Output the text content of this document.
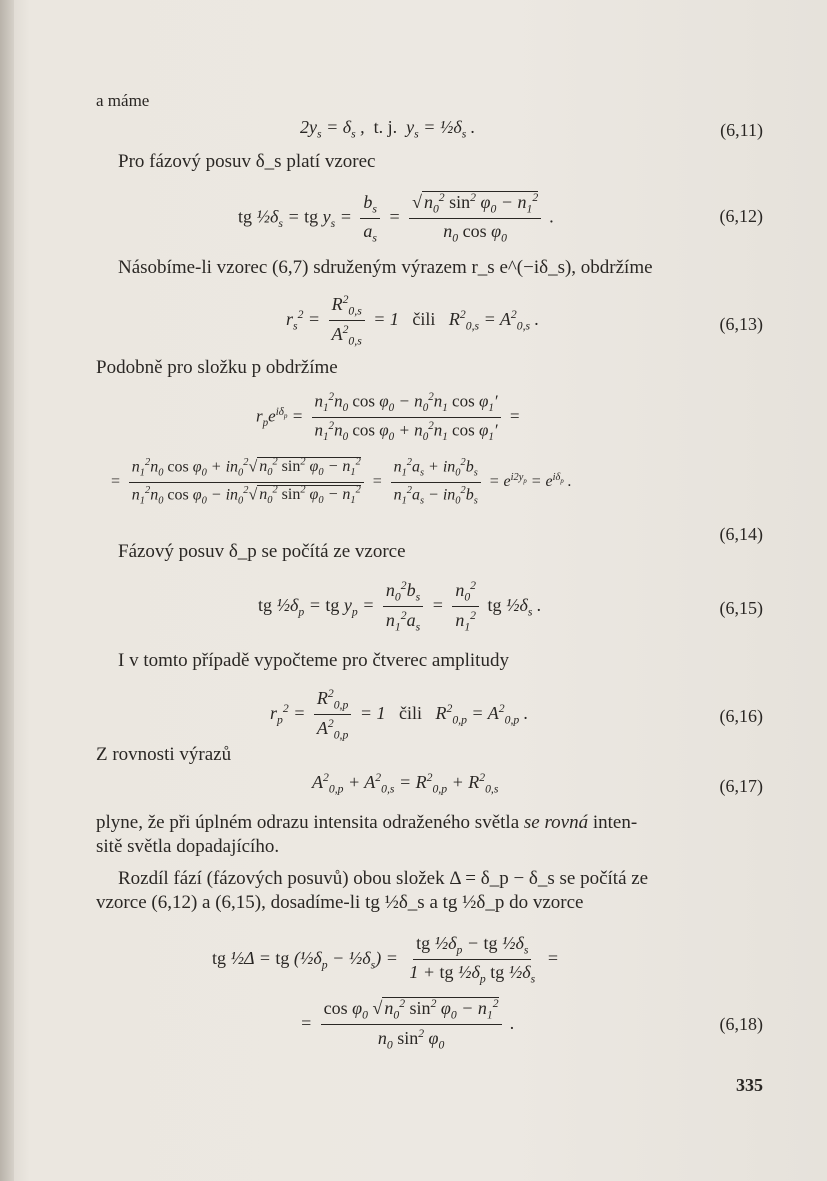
a máme
$2y_s = \delta_s$ ,  t. j.  $y_s$ = $\frac{1}{2}\delta_s$ .	(6,11)
Pro fázový posuv δ_s platí vzorec
tg $\frac{1}{2}\delta_s$ = tg $y_s = \frac{b_s}{a_s} = \frac{√ n_0^2 \sin^2 \varphi_0 - n_1^2}{n_0 \cos \varphi_0}$ .	(6,12)
Násobíme-li vzorec (6,7) sdruženým výrazem r_s e^(−iδ_s), obdržíme
$r_s^2 = \frac{R^2_{0,s}}{A^2_{0,s}} = 1$   čili   $R^2_{0,s} = A^2_{0,s}$ .	(6,13)
Podobně pro složku p obdržíme
$r_pe^{i\delta_p} = \frac{n_1^2n_0 \cos \varphi_0 - n_0^2n_1 \cos \varphi_1'}{n_1^2n_0 \cos \varphi_0 + n_0^2n_1 \cos \varphi_1'}$ =
= $\frac{n_1^2n_0 \cos \varphi_0 + in_0^2√ n_0^2 \sin^2 \varphi_0 - n_1^2}{n_1^2n_0 \cos \varphi_0 - in_0^2√ n_0^2 \sin^2 \varphi_0 - n_1^2} = \frac{n_1^2a_s + in_0^2b_s}{n_1^2a_s - in_0^2b_s} = e^{i2y_p} = e^{i\delta_p}$ .
(6,14)
Fázový posuv δ_p se počítá ze vzorce
tg $\frac{1}{2}\delta_p$ = tg $y_p = \frac{n_0^2b_s}{n_1^2a_s} = \frac{n_0^2}{n_1^2}$ tg $\frac{1}{2}\delta_s$ .	(6,15)
I v tomto případě vypočteme pro čtverec amplitudy
$r_p^2 = \frac{R^2_{0,p}}{A^2_{0,p}} = 1$   čili   $R^2_{0,p} = A^2_{0,p}$ .	(6,16)
Z rovnosti výrazů
$A^2_{0,p} + A^2_{0,s} = R^2_{0,p} + R^2_{0,s}$	(6,17)
plyne, že při úplném odrazu intensita odraženého světla se rovná inten-
sitě světla dopadajícího.
Rozdíl fází (fázových posuvů) obou složek Δ = δ_p − δ_s se počítá ze
vzorce (6,12) a (6,15), dosadíme-li tg ½δ_s a tg ½δ_p do vzorce
tg ½Δ = tg ($\frac{1}{2}\delta_p$ − $\frac{1}{2}\delta_s) = \frac{tg \frac{1}{2}\delta_p - tg \frac{1}{2}\delta_s}{1 + tg \frac{1}{2}\delta_p tg \frac{1}{2}\delta_s}$ =
= $\frac{\cos \varphi_0 √ n_0^2 \sin^2 \varphi_0 - n_1^2}{n_0 \sin^2 \varphi_0}$ .	(6,18)
335
